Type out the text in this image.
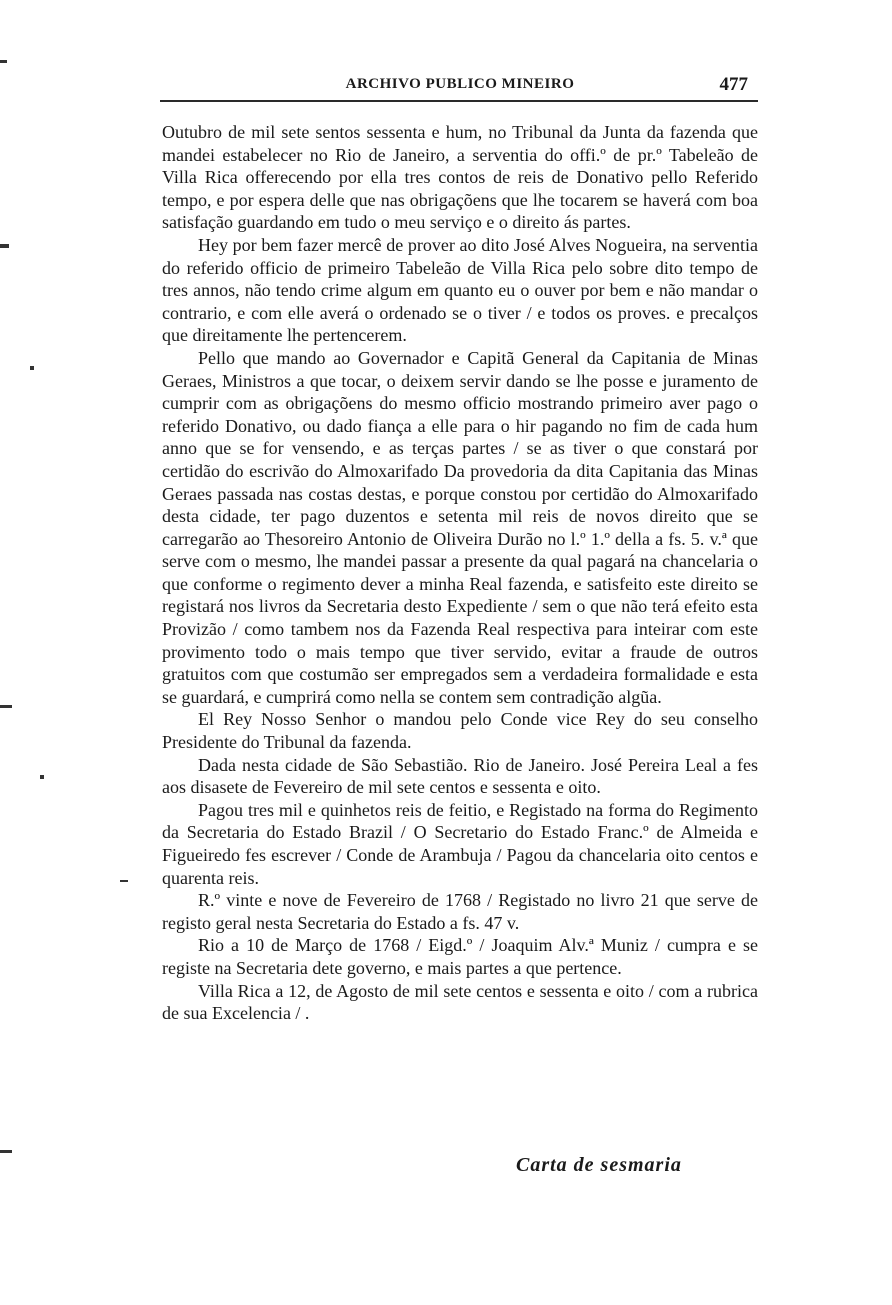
ARCHIVO PUBLICO MINEIRO	477

Outubro de mil sete sentos sessenta e hum, no Tribunal da Junta da fazenda que mandei estabelecer no Rio de Janeiro, a serventia do offi.º de pr.º Tabeleão de Villa Rica offerecendo por ella tres contos de reis de Donativo pello Referido tempo, e por espera delle que nas obrigaçõens que lhe tocarem se haverá com boa satisfação guardando em tudo o meu serviço e o direito ás partes.

Hey por bem fazer mercê de prover ao dito José Alves Nogueira, na serventia do referido officio de primeiro Tabeleão de Villa Rica pelo sobre dito tempo de tres annos, não tendo crime algum em quanto eu o ouver por bem e não mandar o contrario, e com elle averá o ordenado se o tiver / e todos os proves. e precalços que direitamente lhe pertencerem.

Pello que mando ao Governador e Capitã General da Capitania de Minas Geraes, Ministros a que tocar, o deixem servir dando se lhe posse e juramento de cumprir com as obrigaçõens do mesmo officio mostrando primeiro aver pago o referido Donativo, ou dado fiança a elle para o hir pagando no fim de cada hum anno que se for vensendo, e as terças partes / se as tiver o que constará por certidão do escrivão do Almoxarifado Da provedoria da dita Capitania das Minas Geraes passada nas costas destas, e porque constou por certidão do Almoxarifado desta cidade, ter pago duzentos e setenta mil reis de novos direito que se carregarão ao Thesoreiro Antonio de Oliveira Durão no l.º 1.º della a fs. 5. v.ª que serve com o mesmo, lhe mandei passar a presente da qual pagará na chancelaria o que conforme o regimento dever a minha Real fazenda, e satisfeito este direito se registará nos livros da Secretaria desto Expediente / sem o que não terá efeito esta Provizão / como tambem nos da Fazenda Real respectiva para inteirar com este provimento todo o mais tempo que tiver servido, evitar a fraude de outros gratuitos com que costumão ser empregados sem a verdadeira formalidade e esta se guardará, e cumprirá como nella se contem sem contradição algũa.

El Rey Nosso Senhor o mandou pelo Conde vice Rey do seu conselho Presidente do Tribunal da fazenda.

Dada nesta cidade de São Sebastião. Rio de Janeiro. José Pereira Leal a fes aos disasete de Fevereiro de mil sete centos e sessenta e oito.

Pagou tres mil e quinhetos reis de feitio, e Registado na forma do Regimento da Secretaria do Estado Brazil / O Secretario do Estado Franc.º de Almeida e Figueiredo fes escrever / Conde de Arambuja / Pagou da chancelaria oito centos e quarenta reis.

R.º vinte e nove de Fevereiro de 1768 / Registado no livro 21 que serve de registo geral nesta Secretaria do Estado a fs. 47 v.

Rio a 10 de Março de 1768 / Eigd.º / Joaquim Alv.ª Muniz / cumpra e se registe na Secretaria dete governo, e mais partes a que pertence.

Villa Rica a 12, de Agosto de mil sete centos e sessenta e oito / com a rubrica de sua Excelencia / .

Carta de sesmaria
